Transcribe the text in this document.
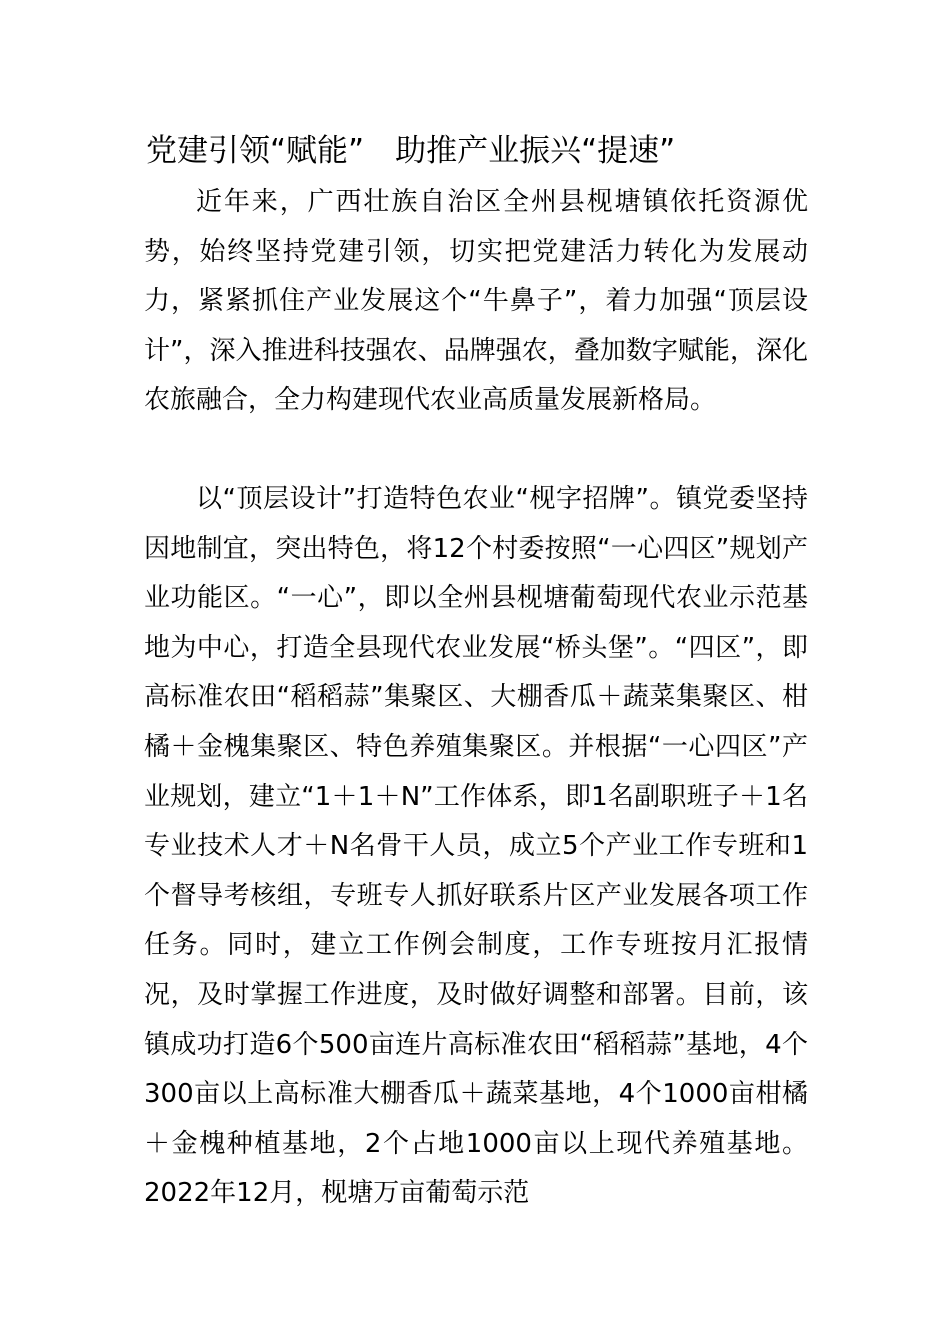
党建引领“赋能”　助推产业振兴“提速”

近年来，广西壮族自治区全州县枧塘镇依托资源优势，始终坚持党建引领，切实把党建活力转化为发展动力，紧紧抓住产业发展这个“牛鼻子”，着力加强“顶层设计”，深入推进科技强农、品牌强农，叠加数字赋能，深化农旅融合，全力构建现代农业高质量发展新格局。

以“顶层设计”打造特色农业“枧字招牌”。镇党委坚持因地制宜，突出特色，将12个村委按照“一心四区”规划产业功能区。“一心”，即以全州县枧塘葡萄现代农业示范基地为中心，打造全县现代农业发展“桥头堡”。“四区”，即高标准农田“稻稻蒜”集聚区、大棚香瓜＋蔬菜集聚区、柑橘＋金槐集聚区、特色养殖集聚区。并根据“一心四区”产业规划，建立“1＋1＋N”工作体系，即1名副职班子＋1名专业技术人才＋N名骨干人员，成立5个产业工作专班和1个督导考核组，专班专人抓好联系片区产业发展各项工作任务。同时，建立工作例会制度，工作专班按月汇报情况，及时掌握工作进度，及时做好调整和部署。目前，该镇成功打造6个500亩连片高标准农田“稻稻蒜”基地，4个300亩以上高标准大棚香瓜＋蔬菜基地，4个1000亩柑橘＋金槐种植基地，2个占地1000亩以上现代养殖基地。2022年12月，枧塘万亩葡萄示范
